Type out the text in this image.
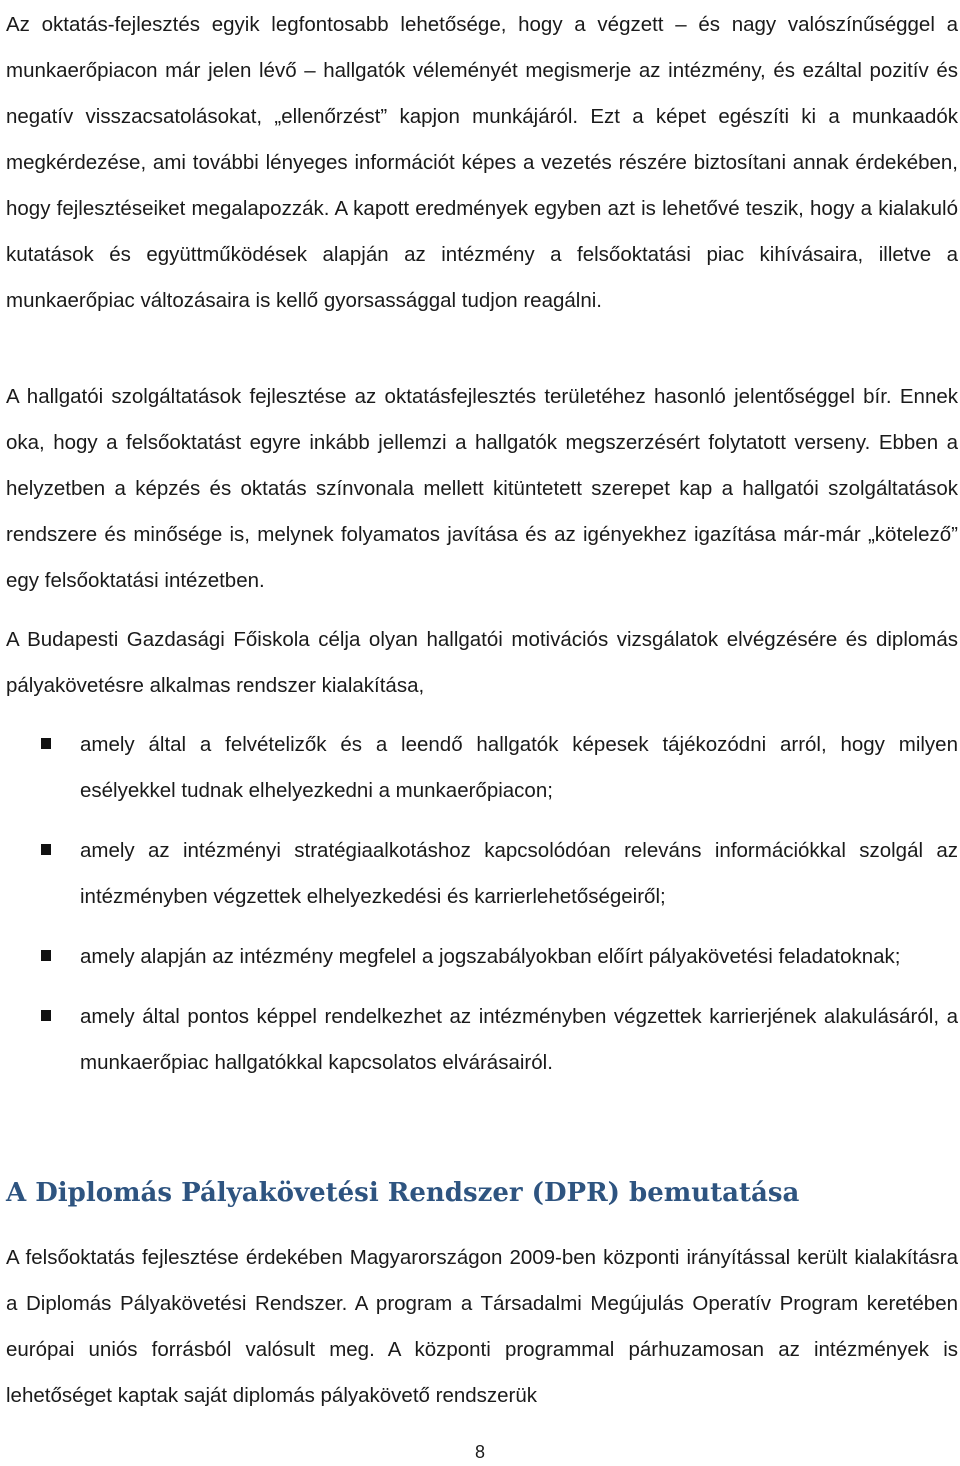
Az oktatás-fejlesztés egyik legfontosabb lehetősége, hogy a végzett – és nagy valószínűséggel a munkaerőpiacon már jelen lévő – hallgatók véleményét megismerje az intézmény, és ezáltal pozitív és negatív visszacsatolásokat, „ellenőrzést” kapjon munkájáról. Ezt a képet egészíti ki a munkaadók megkérdezése, ami további lényeges információt képes a vezetés részére biztosítani annak érdekében, hogy fejlesztéseiket megalapozzák. A kapott eredmények egyben azt is lehetővé teszik, hogy a kialakuló kutatások és együttműködések alapján az intézmény a felsőoktatási piac kihívásaira, illetve a munkaerőpiac változásaira is kellő gyorsassággal tudjon reagálni.

A hallgatói szolgáltatások fejlesztése az oktatásfejlesztés területéhez hasonló jelentőséggel bír. Ennek oka, hogy a felsőoktatást egyre inkább jellemzi a hallgatók megszerzésért folytatott verseny. Ebben a helyzetben a képzés és oktatás színvonala mellett kitüntetett szerepet kap a hallgatói szolgáltatások rendszere és minősége is, melynek folyamatos javítása és az igényekhez igazítása már-már „kötelező” egy felsőoktatási intézetben.

A Budapesti Gazdasági Főiskola célja olyan hallgatói motivációs vizsgálatok elvégzésére és diplomás pályakövetésre alkalmas rendszer kialakítása,

amely által a felvételizők és a leendő hallgatók képesek tájékozódni arról, hogy milyen esélyekkel tudnak elhelyezkedni a munkaerőpiacon;
amely az intézményi stratégiaalkotáshoz kapcsolódóan releváns információkkal szolgál az intézményben végzettek elhelyezkedési és karrierlehetőségeiről;
amely alapján az intézmény megfelel a jogszabályokban előírt pályakövetési feladatoknak;
amely által pontos képpel rendelkezhet az intézményben végzettek karrierjének alakulásáról, a munkaerőpiac hallgatókkal kapcsolatos elvárásairól.
A Diplomás Pályakövetési Rendszer (DPR) bemutatása

A felsőoktatás fejlesztése érdekében Magyarországon 2009-ben központi irányítással került kialakításra a Diplomás Pályakövetési Rendszer. A program a Társadalmi Megújulás Operatív Program keretében európai uniós forrásból valósult meg. A központi programmal párhuzamosan az intézmények is lehetőséget kaptak saját diplomás pályakövető rendszerük

8
